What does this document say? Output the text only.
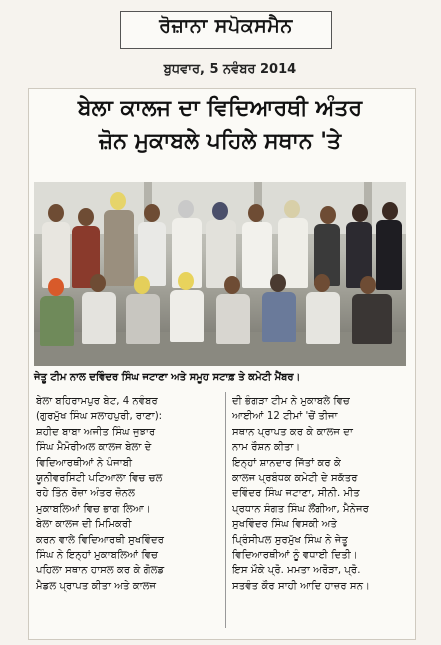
ਰੋਜ਼ਾਨਾ ਸਪੋਕਸਮੈਨ
ਬੁਧਵਾਰ, 5 ਨਵੰਬਰ 2014
ਬੇਲਾ ਕਾਲਜ ਦਾ ਵਿਦਿਆਰਥੀ ਅੰਤਰ
ਜ਼ੋਨ ਮੁਕਾਬਲੇ ਪਹਿਲੇ ਸਥਾਨ 'ਤੇ
ਜੇਤੂ ਟੀਮ ਨਾਲ ਦਵਿੰਦਰ ਸਿੰਘ ਜਟਾਣਾ ਅਤੇ ਸਮੂਹ ਸਟਾਫ਼ ਤੇ ਕਮੇਟੀ ਮੈਂਬਰ।
ਬੇਲਾ ਬਹਿਰਾਮਪੁਰ ਬੇਟ, 4 ਨਵੰਬਰ
(ਗੁਰਮੁੱਖ ਸਿੰਘ ਸਲਾਹਪੁਰੀ, ਰਾਣਾ):
ਸ਼ਹੀਦ ਬਾਬਾ ਅਜੀਤ ਸਿੰਘ ਜੁਝਾਰ
ਸਿੰਘ ਮੈਮੋਰੀਅਲ ਕਾਲਜ ਬੇਲਾ ਦੇ
ਵਿਦਿਆਰਥੀਆਂ ਨੇ ਪੰਜਾਬੀ
ਯੂਨੀਵਰਸਿਟੀ ਪਟਿਆਲਾ ਵਿਚ ਚਲ
ਰਹੇ ਤਿੰਨ ਰੋਜ਼ਾ ਅੰਤਰ ਜ਼ੋਨਲ
ਮੁਕਾਬਲਿਆਂ ਵਿਚ ਭਾਗ ਲਿਆ।
ਬੇਲਾ ਕਾਲਜ ਦੀ ਮਿਮਿਕਰੀ
ਕਰਨ ਵਾਲੇ ਵਿਦਿਆਰਥੀ ਸੁਖਵਿੰਦਰ
ਸਿੰਘ ਨੇ ਇਨ੍ਹਾਂ ਮੁਕਾਬਲਿਆਂ ਵਿਚ
ਪਹਿਲਾ ਸਥਾਨ ਹਾਸਲ ਕਰ ਕੇ ਗੋਲਡ
ਮੈਡਲ ਪ੍ਰਾਪਤ ਕੀਤਾ ਅਤੇ ਕਾਲਜ
ਦੀ ਭੰਗੜਾ ਟੀਮ ਨੇ ਮੁਕਾਬਲੇ ਵਿਚ
ਆਈਆਂ 12 ਟੀਮਾਂ 'ਚੋਂ ਤੀਜਾ
ਸਥਾਨ ਪ੍ਰਾਪਤ ਕਰ ਕੇ ਕਾਲਜ ਦਾ
ਨਾਮ ਰੌਸ਼ਨ ਕੀਤਾ।
ਇਨ੍ਹਾਂ ਸ਼ਾਨਦਾਰ ਜਿੱਤਾਂ ਕਰ ਕੇ
ਕਾਲਜ ਪ੍ਰਬੰਧਕ ਕਮੇਟੀ ਦੇ ਸਕੱਤਰ
ਦਵਿੰਦਰ ਸਿੰਘ ਜਟਾਣਾ, ਸੀਨੀ. ਮੀਤ
ਪ੍ਰਧਾਨ ਸੰਗਤ ਸਿੰਘ ਲੌਂਗੀਆ, ਮੈਨੇਜਰ
ਸੁਖਵਿੰਦਰ ਸਿੰਘ ਵਿਸਕੀ ਅਤੇ
ਪ੍ਰਿੰਸੀਪਲ ਸੁਰਮੁੱਖ ਸਿੰਘ ਨੇ ਜੇਤੂ
ਵਿਦਿਆਰਥੀਆਂ ਨੂੰ ਵਧਾਈ ਦਿਤੀ।
ਇਸ ਮੌਕੇ ਪ੍ਰੋ. ਮਮਤਾ ਅਰੋੜਾ, ਪ੍ਰੋ.
ਸਤਵੰਤ ਕੌਰ ਸਾਹੀ ਆਦਿ ਹਾਜ਼ਰ ਸਨ।
